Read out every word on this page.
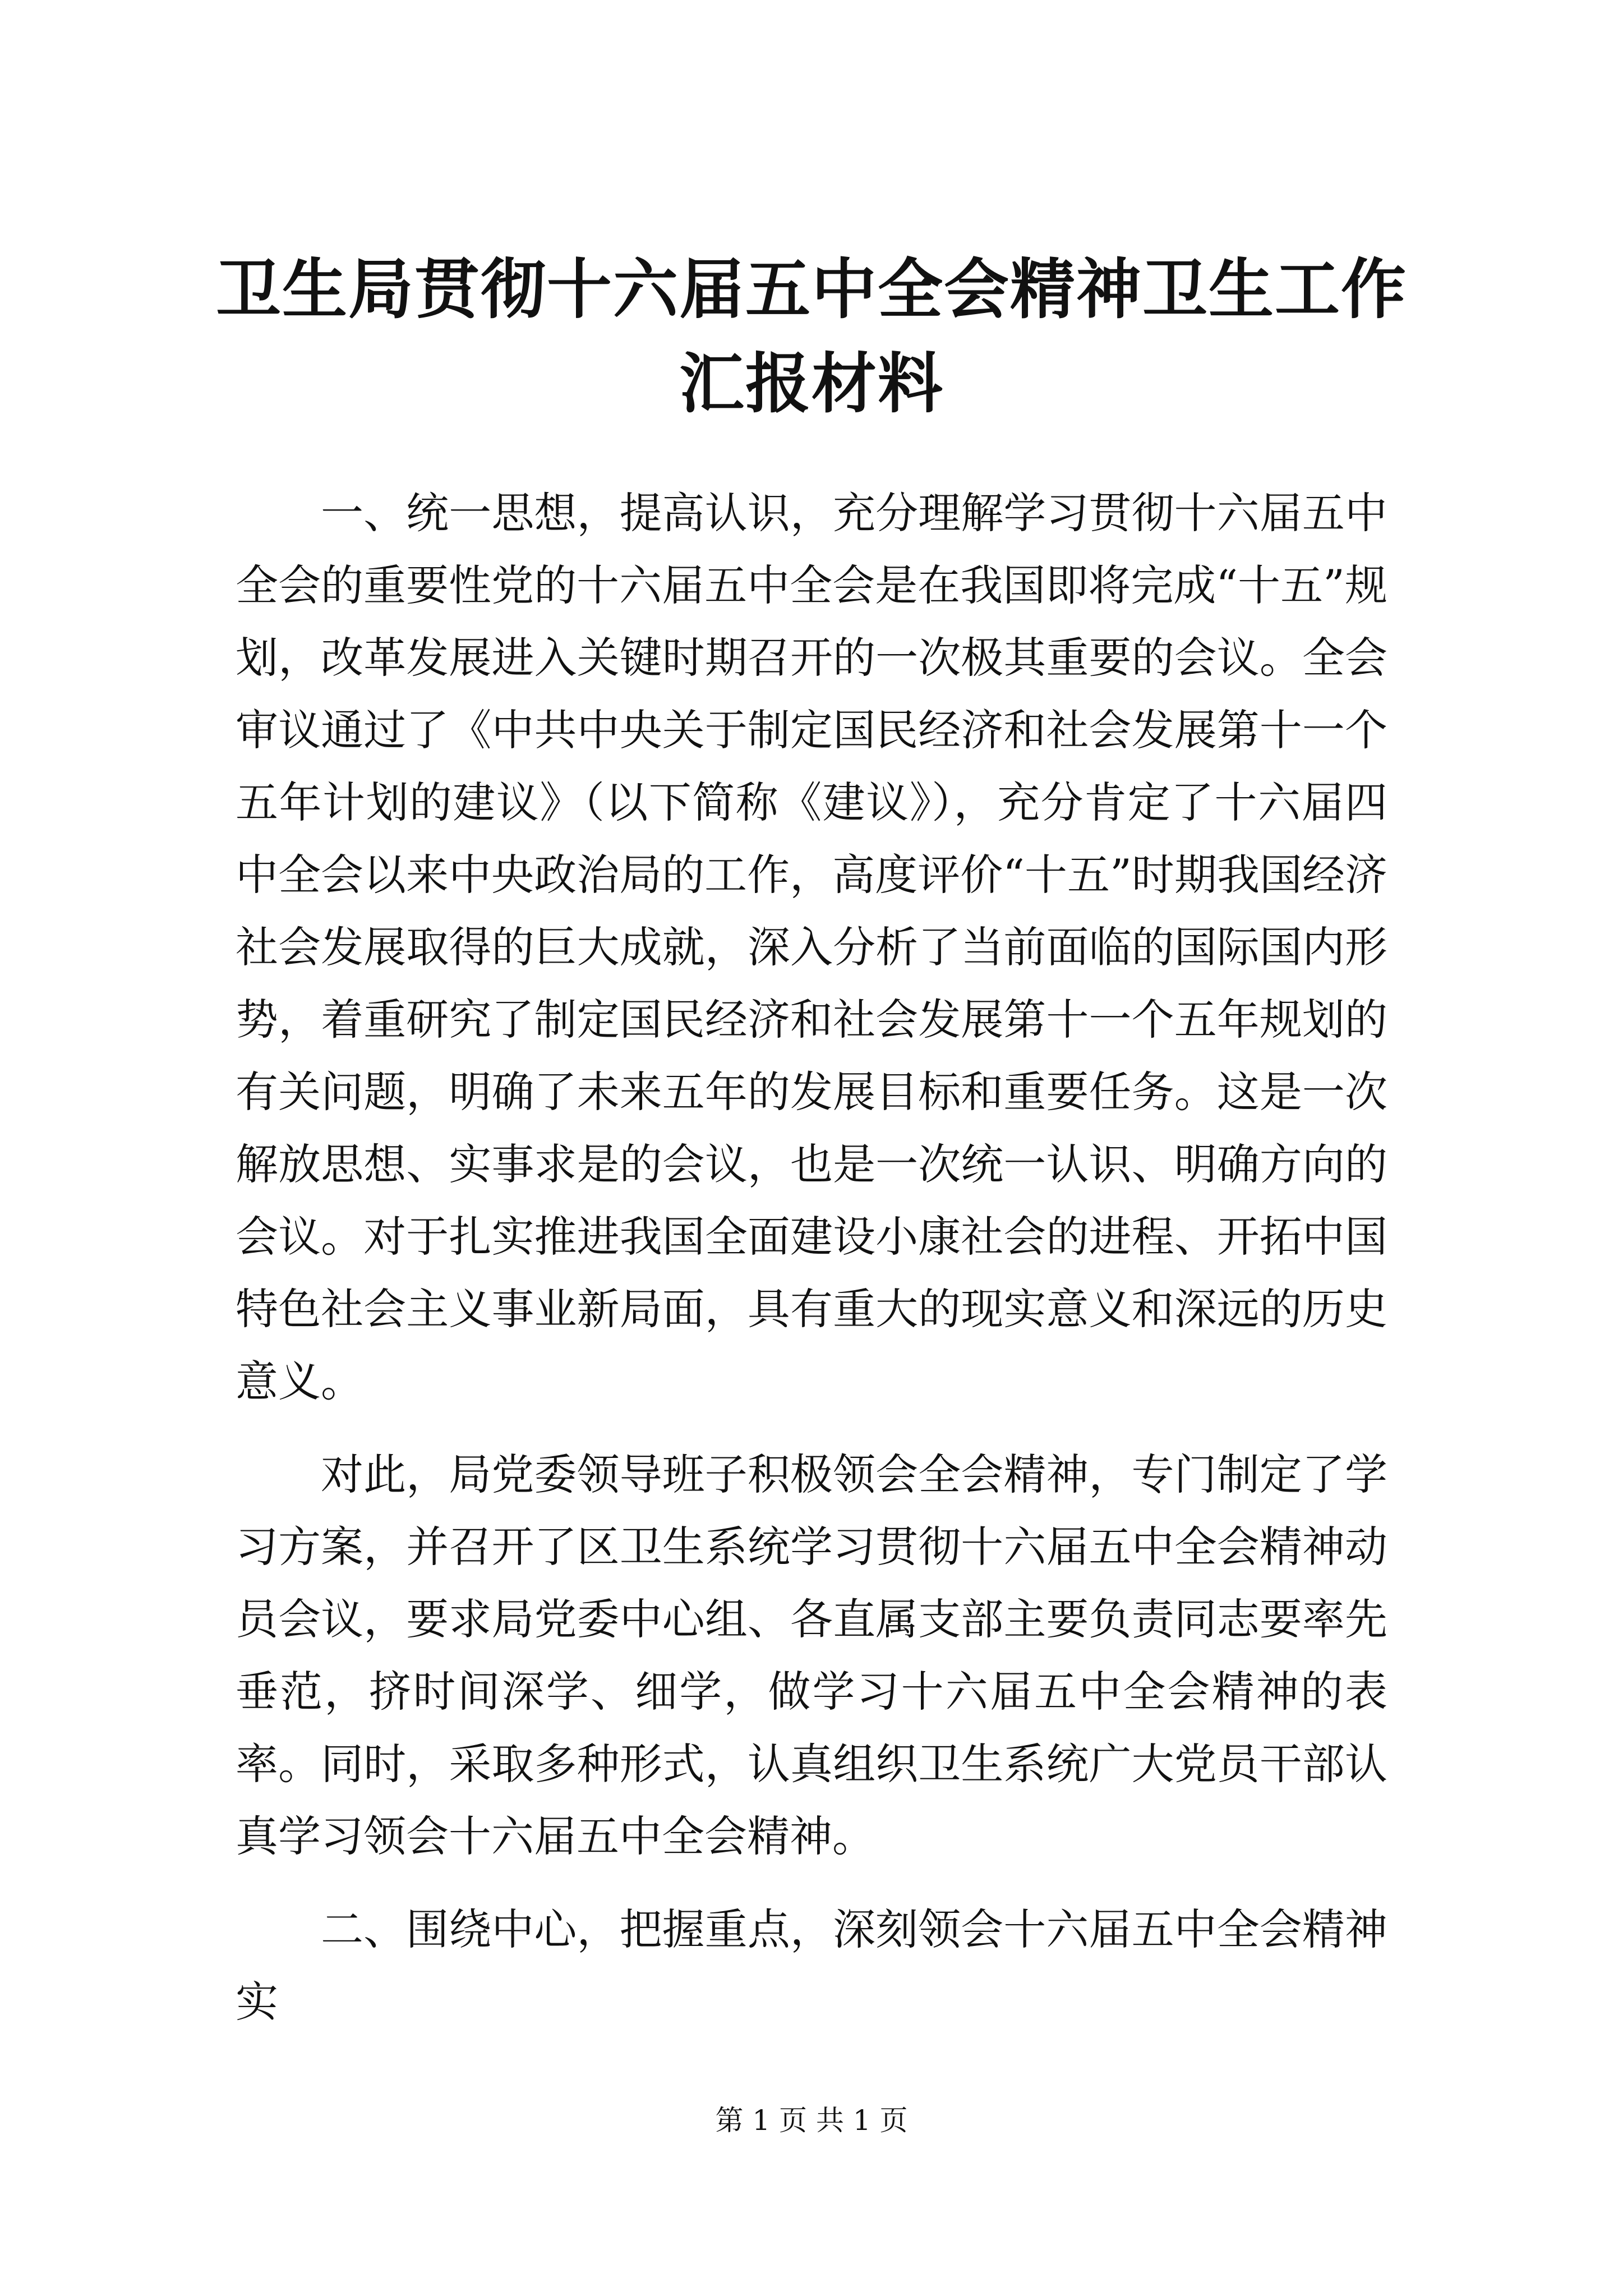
卫生局贯彻十六届五中全会精神卫生工作汇报材料

一、统一思想，提高认识，充分理解学习贯彻十六届五中全会的重要性党的十六届五中全会是在我国即将完成“十五”规划，改革发展进入关键时期召开的一次极其重要的会议。全会审议通过了《中共中央关于制定国民经济和社会发展第十一个五年计划的建议》（以下简称《建议》），充分肯定了十六届四中全会以来中央政治局的工作，高度评价“十五”时期我国经济社会发展取得的巨大成就，深入分析了当前面临的国际国内形势，着重研究了制定国民经济和社会发展第十一个五年规划的有关问题，明确了未来五年的发展目标和重要任务。这是一次解放思想、实事求是的会议，也是一次统一认识、明确方向的会议。对于扎实推进我国全面建设小康社会的进程、开拓中国特色社会主义事业新局面，具有重大的现实意义和深远的历史意义。

对此，局党委领导班子积极领会全会精神，专门制定了学习方案，并召开了区卫生系统学习贯彻十六届五中全会精神动员会议，要求局党委中心组、各直属支部主要负责同志要率先垂范，挤时间深学、细学，做学习十六届五中全会精神的表率。同时，采取多种形式，认真组织卫生系统广大党员干部认真学习领会十六届五中全会精神。

二、围绕中心，把握重点，深刻领会十六届五中全会精神实

第 1 页 共 1 页
